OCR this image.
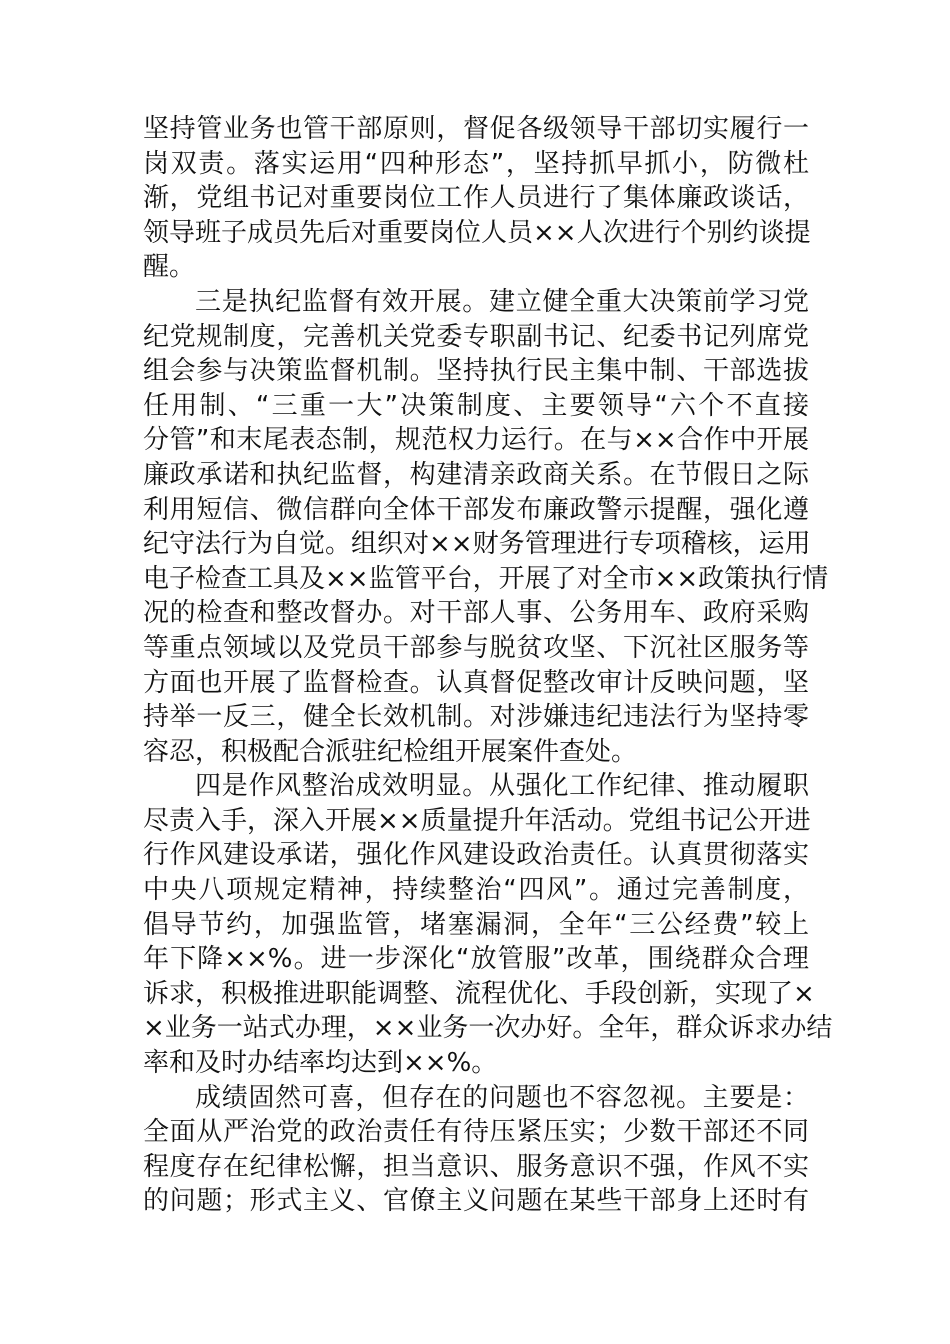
坚持管业务也管干部原则，督促各级领导干部切实履行一
岗双责。落实运用“四种形态”，坚持抓早抓小，防微杜
渐，党组书记对重要岗位工作人员进行了集体廉政谈话，
领导班子成员先后对重要岗位人员××人次进行个别约谈提
醒。
三是执纪监督有效开展。建立健全重大决策前学习党
纪党规制度，完善机关党委专职副书记、纪委书记列席党
组会参与决策监督机制。坚持执行民主集中制、干部选拔
任用制、“三重一大”决策制度、主要领导“六个不直接
分管”和末尾表态制，规范权力运行。在与××合作中开展
廉政承诺和执纪监督，构建清亲政商关系。在节假日之际
利用短信、微信群向全体干部发布廉政警示提醒，强化遵
纪守法行为自觉。组织对××财务管理进行专项稽核，运用
电子检查工具及××监管平台，开展了对全市××政策执行情
况的检查和整改督办。对干部人事、公务用车、政府采购
等重点领域以及党员干部参与脱贫攻坚、下沉社区服务等
方面也开展了监督检查。认真督促整改审计反映问题，坚
持举一反三，健全长效机制。对涉嫌违纪违法行为坚持零
容忍，积极配合派驻纪检组开展案件查处。
四是作风整治成效明显。从强化工作纪律、推动履职
尽责入手，深入开展××质量提升年活动。党组书记公开进
行作风建设承诺，强化作风建设政治责任。认真贯彻落实
中央八项规定精神，持续整治“四风”。通过完善制度，
倡导节约，加强监管，堵塞漏洞，全年“三公经费”较上
年下降××%。进一步深化“放管服”改革，围绕群众合理
诉求，积极推进职能调整、流程优化、手段创新，实现了×
×业务一站式办理，××业务一次办好。全年，群众诉求办结
率和及时办结率均达到××%。
成绩固然可喜，但存在的问题也不容忽视。主要是：
全面从严治党的政治责任有待压紧压实；少数干部还不同
程度存在纪律松懈，担当意识、服务意识不强，作风不实
的问题；形式主义、官僚主义问题在某些干部身上还时有
